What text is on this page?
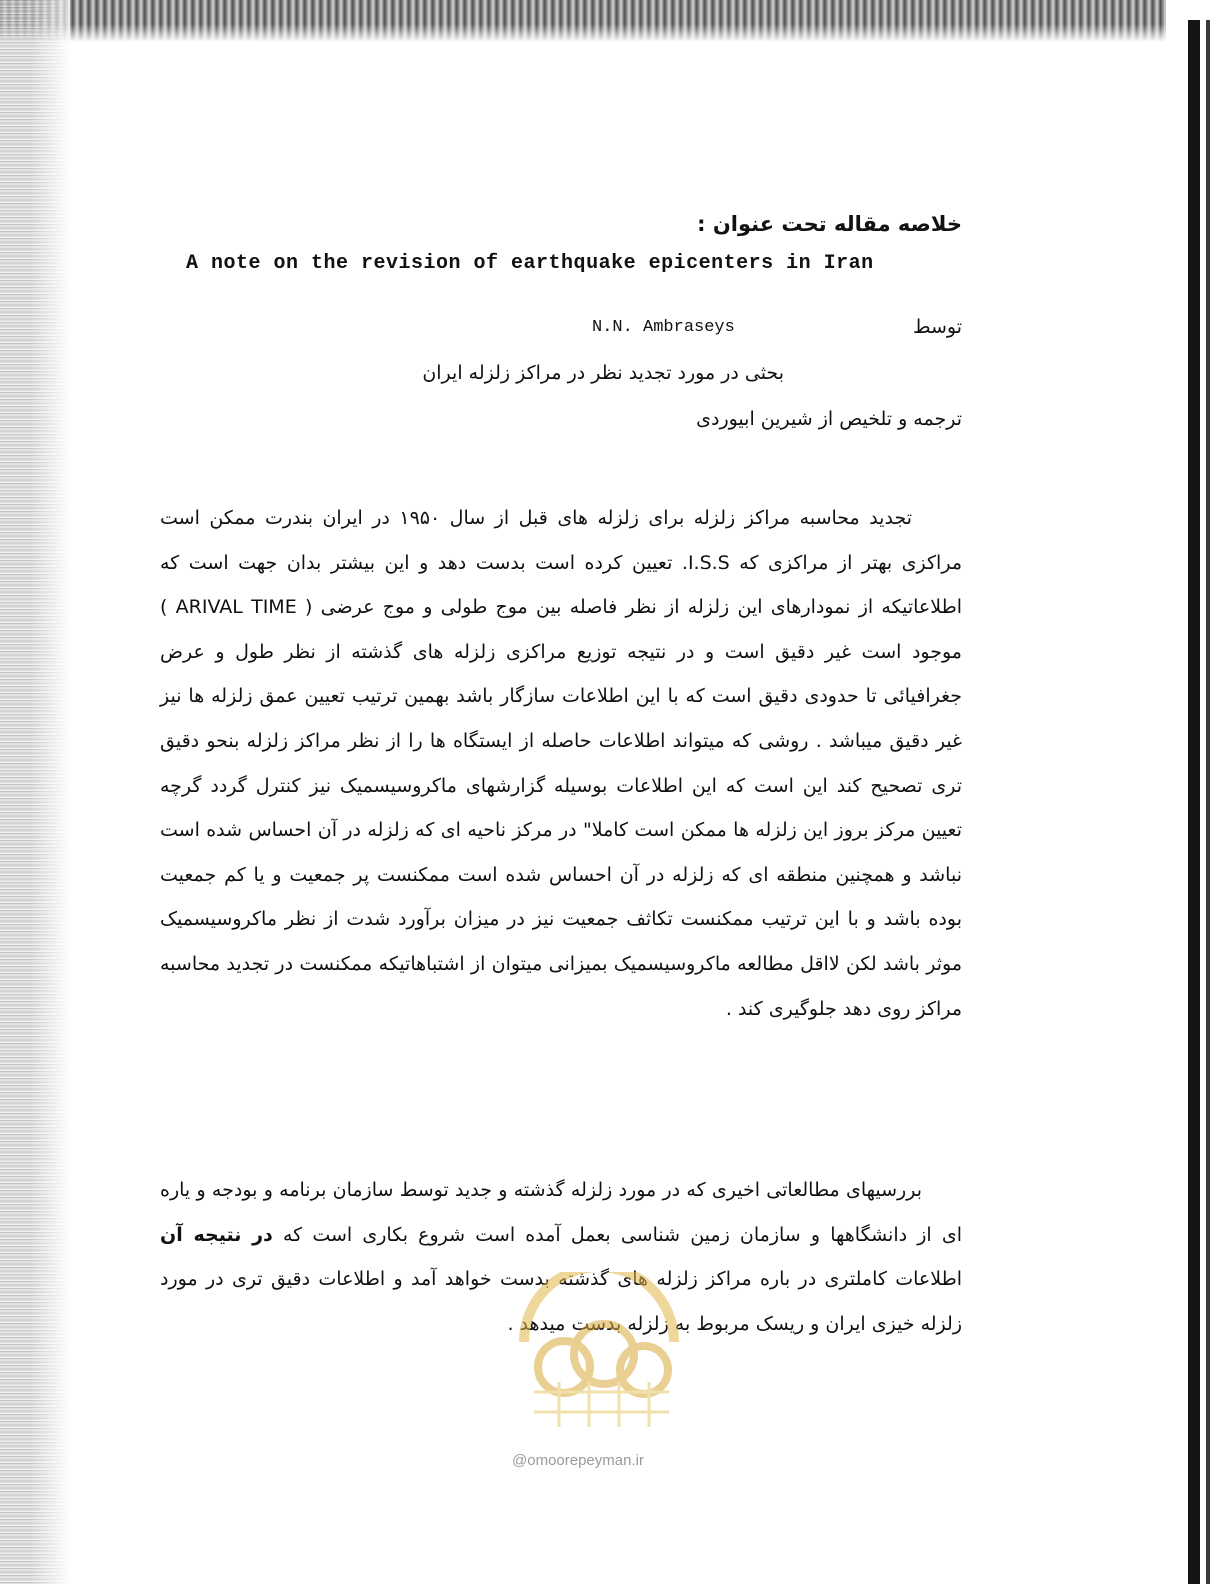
خلاصه مقاله تحت عنوان :
A note on the revision of earthquake epicenters in Iran
توسط
N.N. Ambraseys
بحثی در مورد تجدید نظر در مراکز زلزله ایران
ترجمه و تلخیص از شیرین ابیوردی
تجدید محاسبه مراکز زلزله برای زلزله های قبل از سال ۱۹۵۰ در ایران بندرت ممکن است مراکزی بهتر از مراکزی که I.S.S. تعیین کرده است بدست دهد و این بیشتر بدان جهت است که اطلاعاتیکه از نمودارهای این زلزله از نظر فاصله بین موج طولی و موج عرضی ( ARIVAL TIME ) موجود است غیر دقیق است و در نتیجه توزیع مراکزی زلزله های گذشته از نظر طول و عرض جغرافیائی تا حدودی دقیق است که با این اطلاعات سازگار باشد بهمین ترتیب تعیین عمق زلزله ها نیز غیر دقیق میباشد . روشی که میتواند اطلاعات حاصله از ایستگاه ها را از نظر مراکز زلزله بنحو دقیق تری تصحیح کند این است که این اطلاعات بوسیله گزارشهای ماکروسیسمیک نیز کنترل گردد گرچه تعیین مرکز بروز این زلزله ها ممکن است کاملا" در مرکز ناحیه ای که زلزله در آن احساس شده است نباشد و همچنین منطقه ای که زلزله در آن احساس شده است ممکنست پر جمعیت و یا کم جمعیت بوده باشد و با این ترتیب ممکنست تکاثف جمعیت نیز در میزان برآورد شدت از نظر ماکروسیسمیک موثر باشد لکن لااقل مطالعه ماکروسیسمیک بمیزانی میتوان از اشتباهاتیکه ممکنست در تجدید محاسبه مراکز روی دهد جلوگیری کند .
بررسیهای مطالعاتی اخیری که در مورد زلزله گذشته و جدید توسط سازمان برنامه و بودجه و یاره ای از دانشگاهها و سازمان زمین شناسی بعمل آمده است شروع بکاری است که در نتیجه آن اطلاعات کاملتری در باره مراکز زلزله های گذشته بدست خواهد آمد و اطلاعات دقیق تری در مورد زلزله خیزی ایران و ریسک مربوط به زلزله بدست میدهد .
@omoorepeyman.ir
